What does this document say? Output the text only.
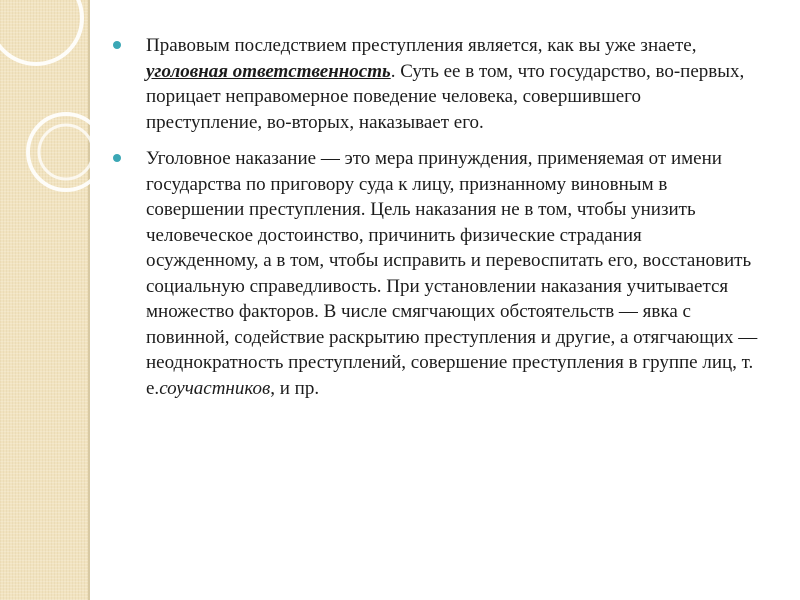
Правовым последствием преступления является, как вы уже знаете, уголовная ответственность. Суть ее в том, что государство, во-первых, порицает неправомерное поведение человека, совершившего преступление, во-вторых, наказывает его.
Уголовное наказание — это мера принуждения, применяемая от имени государства по приговору суда к лицу, признанному виновным в совершении преступления. Цель наказания не в том, чтобы унизить человеческое достоинство, причинить физические страдания осужденному, а в том, чтобы исправить и перевоспитать его, восстановить социальную справедливость. При установлении наказания учитывается множество факторов. В числе смягчающих обстоятельств — явка с повинной, содействие раскрытию преступления и другие, а отягчающих — неоднократность преступлений, совершение преступления в группе лиц, т. е.соучастников, и пр.
